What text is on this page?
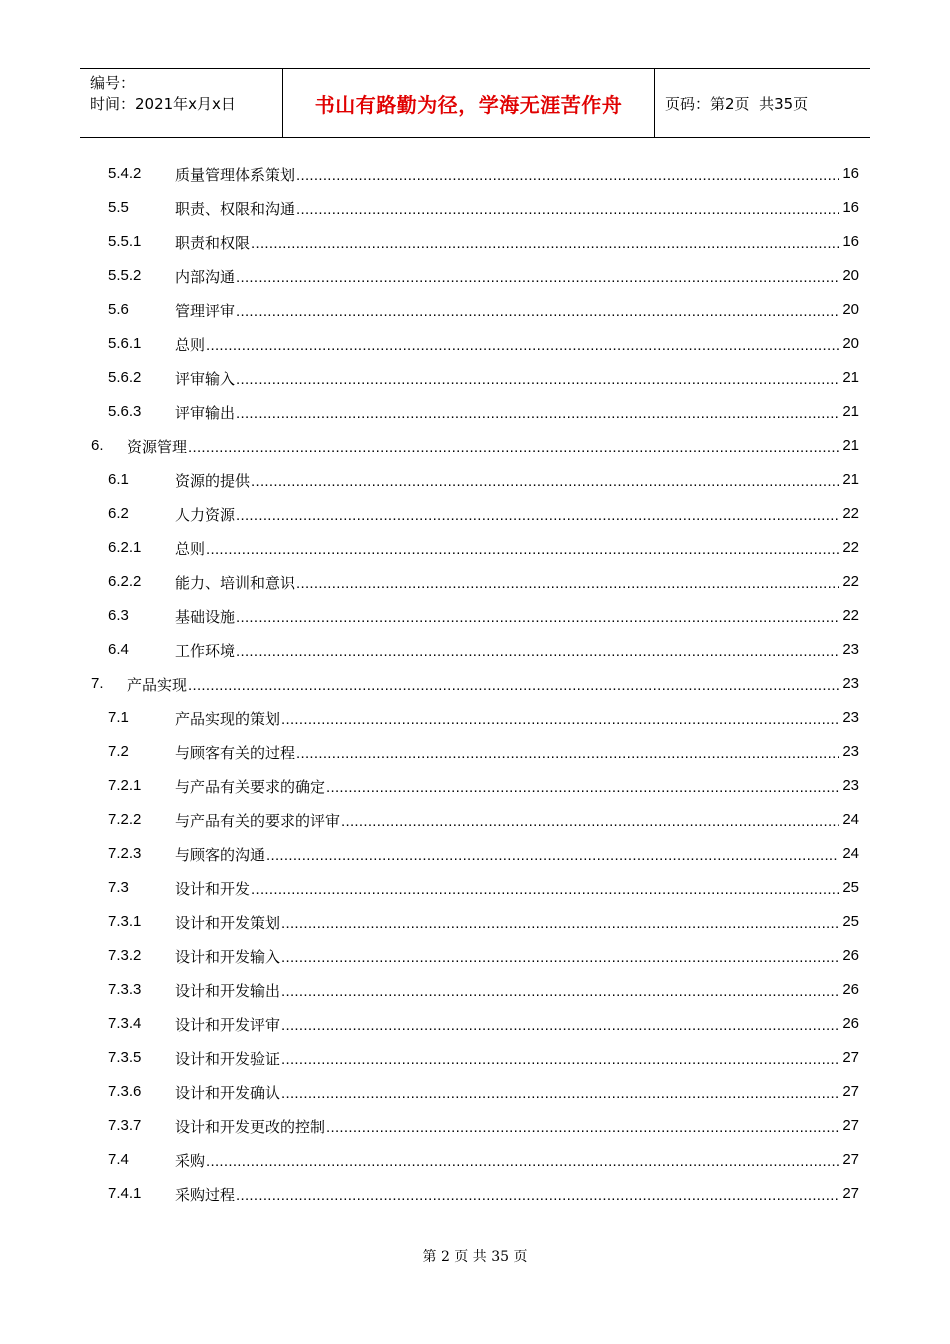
编号：
时间：2021年x月x日	书山有路勤为径，学海无涯苦作舟	页码：第2页  共35页
5.4.2 质量管理体系策划 .....	16
5.5	职责、权限和沟通 .....	16
5.5.1 职责和权限 .....	16
5.5.2 内部沟通 .....	20
5.6	管理评审 .....	20
5.6.1 总则 .....	20
5.6.2 评审输入 .....	21
5.6.3 评审输出 .....	21
6. 资源管理 .....	21
6.1	资源的提供 .....	21
6.2	人力资源 .....	22
6.2.1 总则 .....	22
6.2.2 能力、培训和意识 .....	22
6.3	基础设施 .....	22
6.4	工作环境 .....	23
7. 产品实现 .....	23
7.1	产品实现的策划 .....	23
7.2	与顾客有关的过程 .....	23
7.2.1 与产品有关要求的确定 .....	23
7.2.2 与产品有关的要求的评审 .....	24
7.2.3 与顾客的沟通 .....	24
7.3	设计和开发 .....	25
7.3.1 设计和开发策划 .....	25
7.3.2 设计和开发输入 .....	26
7.3.3 设计和开发输出 .....	26
7.3.4 设计和开发评审 .....	26
7.3.5 设计和开发验证 .....	27
7.3.6 设计和开发确认 .....	27
7.3.7 设计和开发更改的控制 .....	27
7.4	采购 .....	27
7.4.1 采购过程 .....	27
第 2 页 共 35 页
